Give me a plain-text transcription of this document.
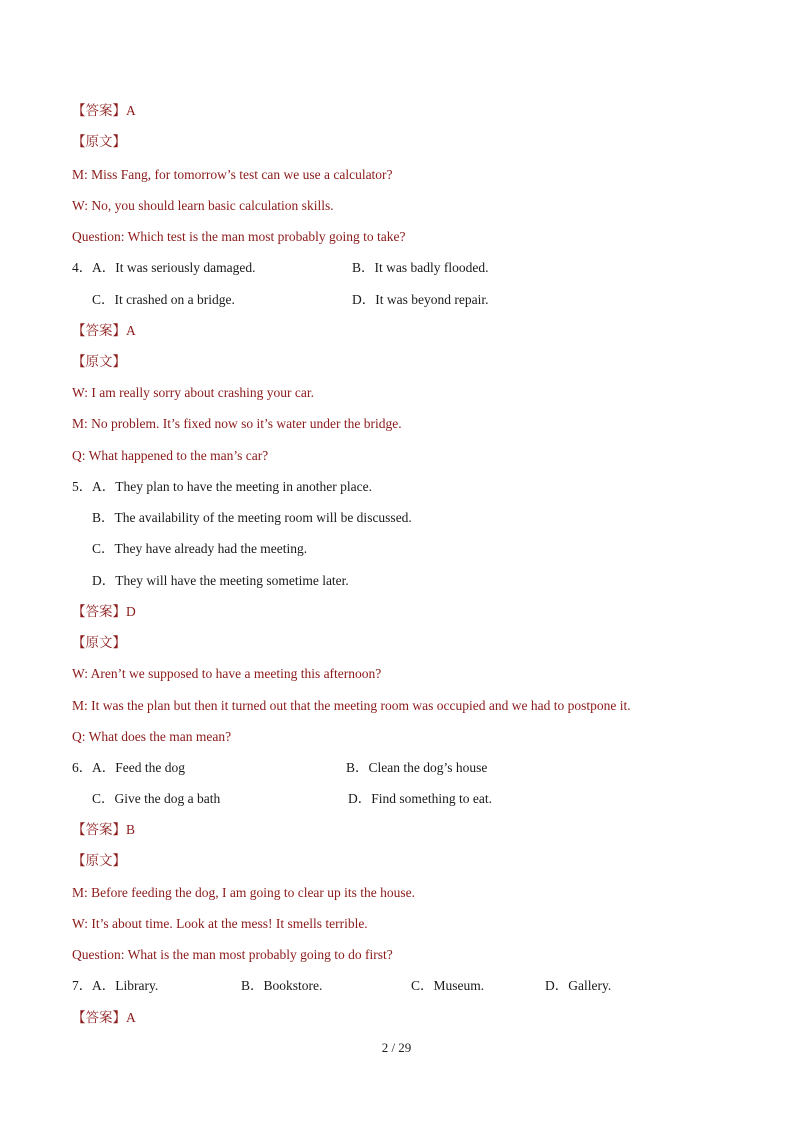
【答案】A
【原文】
M: Miss Fang, for tomorrow’s test can we use a calculator?
W: No, you should learn basic calculation skills.
Question: Which test is the man most probably going to take?
4． A．It was seriously damaged.	B．It was badly flooded.
C．It crashed on a bridge.	D．It was beyond repair.
【答案】A
【原文】
W: I am really sorry about crashing your car.
M: No problem. It’s fixed now so it’s water under the bridge.
Q: What happened to the man’s car?
5． A．They plan to have the meeting in another place.
B．The availability of the meeting room will be discussed.
C．They have already had the meeting.
D．They will have the meeting sometime later.
【答案】D
【原文】
W: Aren’t we supposed to have a meeting this afternoon?
M: It was the plan but then it turned out that the meeting room was occupied and we had to postpone it.
Q: What does the man mean?
6． A．Feed the dog	B．Clean the dog’s house
C．Give the dog a bath	D．Find something to eat.
【答案】B
【原文】
M: Before feeding the dog, I am going to clear up its the house.
W: It’s about time. Look at the mess! It smells terrible.
Question: What is the man most probably going to do first?
7． A．Library.	B．Bookstore.	C．Museum.	D．Gallery.
【答案】A
2 / 29
